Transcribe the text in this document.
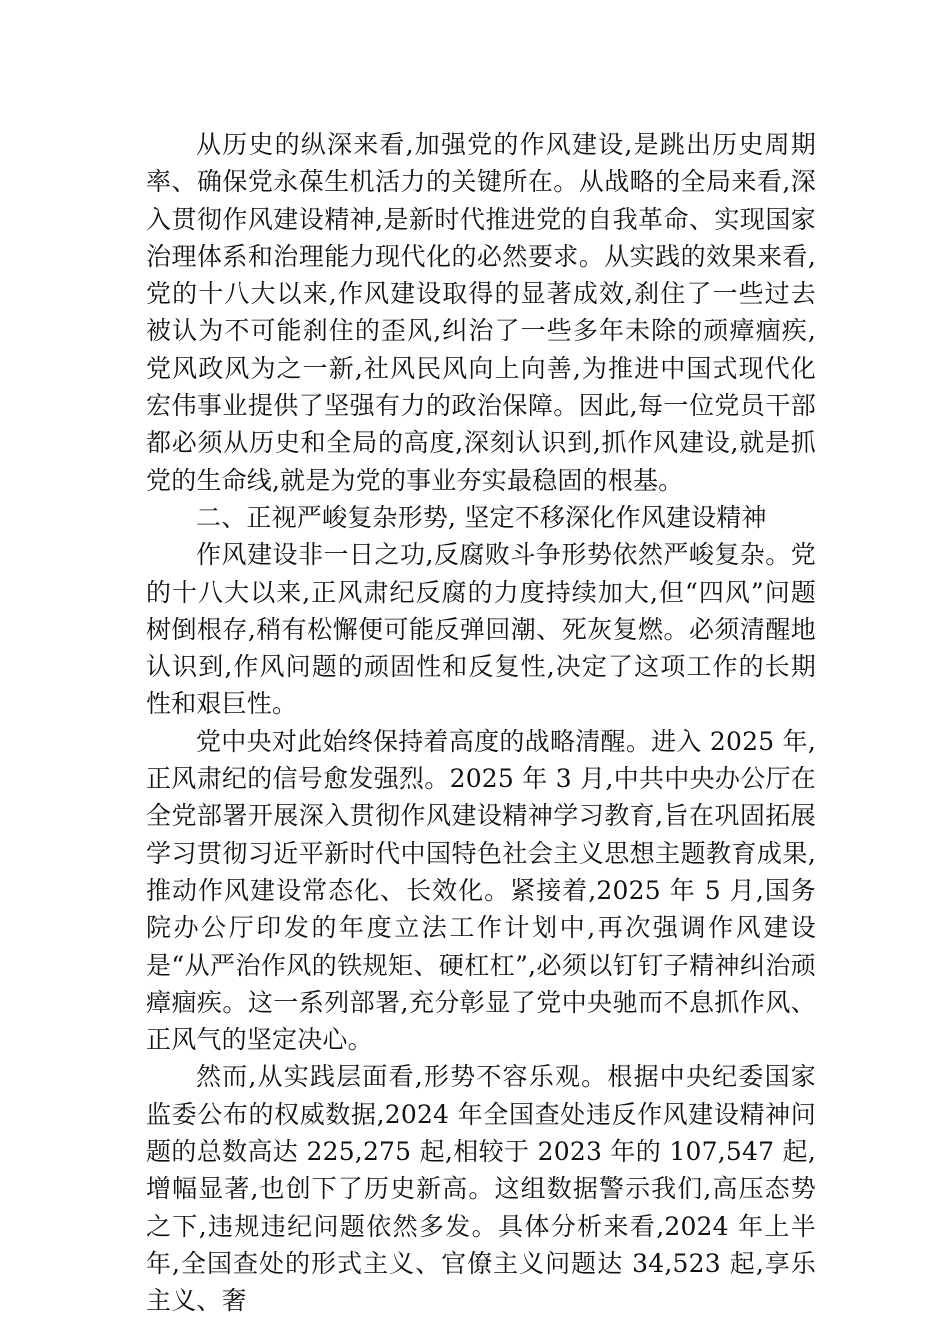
从历史的纵深来看,加强党的作风建设,是跳出历史周期率、确保党永葆生机活力的关键所在。从战略的全局来看,深入贯彻作风建设精神,是新时代推进党的自我革命、实现国家治理体系和治理能力现代化的必然要求。从实践的效果来看,党的十八大以来,作风建设取得的显著成效,刹住了一些过去被认为不可能刹住的歪风,纠治了一些多年未除的顽瘴痼疾,党风政风为之一新,社风民风向上向善,为推进中国式现代化宏伟事业提供了坚强有力的政治保障。因此,每一位党员干部都必须从历史和全局的高度,深刻认识到,抓作风建设,就是抓党的生命线,就是为党的事业夯实最稳固的根基。

二、正视严峻复杂形势, 坚定不移深化作风建设精神

作风建设非一日之功,反腐败斗争形势依然严峻复杂。党的十八大以来,正风肃纪反腐的力度持续加大,但“四风”问题树倒根存,稍有松懈便可能反弹回潮、死灰复燃。必须清醒地认识到,作风问题的顽固性和反复性,决定了这项工作的长期性和艰巨性。

党中央对此始终保持着高度的战略清醒。进入 2025 年,正风肃纪的信号愈发强烈。2025 年 3 月,中共中央办公厅在全党部署开展深入贯彻作风建设精神学习教育,旨在巩固拓展学习贯彻习近平新时代中国特色社会主义思想主题教育成果,推动作风建设常态化、长效化。紧接着,2025 年 5 月,国务院办公厅印发的年度立法工作计划中,再次强调作风建设是“从严治作风的铁规矩、硬杠杠”,必须以钉钉子精神纠治顽瘴痼疾。这一系列部署,充分彰显了党中央驰而不息抓作风、正风气的坚定决心。

然而,从实践层面看,形势不容乐观。根据中央纪委国家监委公布的权威数据,2024 年全国查处违反作风建设精神问题的总数高达 225,275 起,相较于 2023 年的 107,547 起,增幅显著,也创下了历史新高。这组数据警示我们,高压态势之下,违规违纪问题依然多发。具体分析来看,2024 年上半年,全国查处的形式主义、官僚主义问题达 34,523 起,享乐主义、奢
